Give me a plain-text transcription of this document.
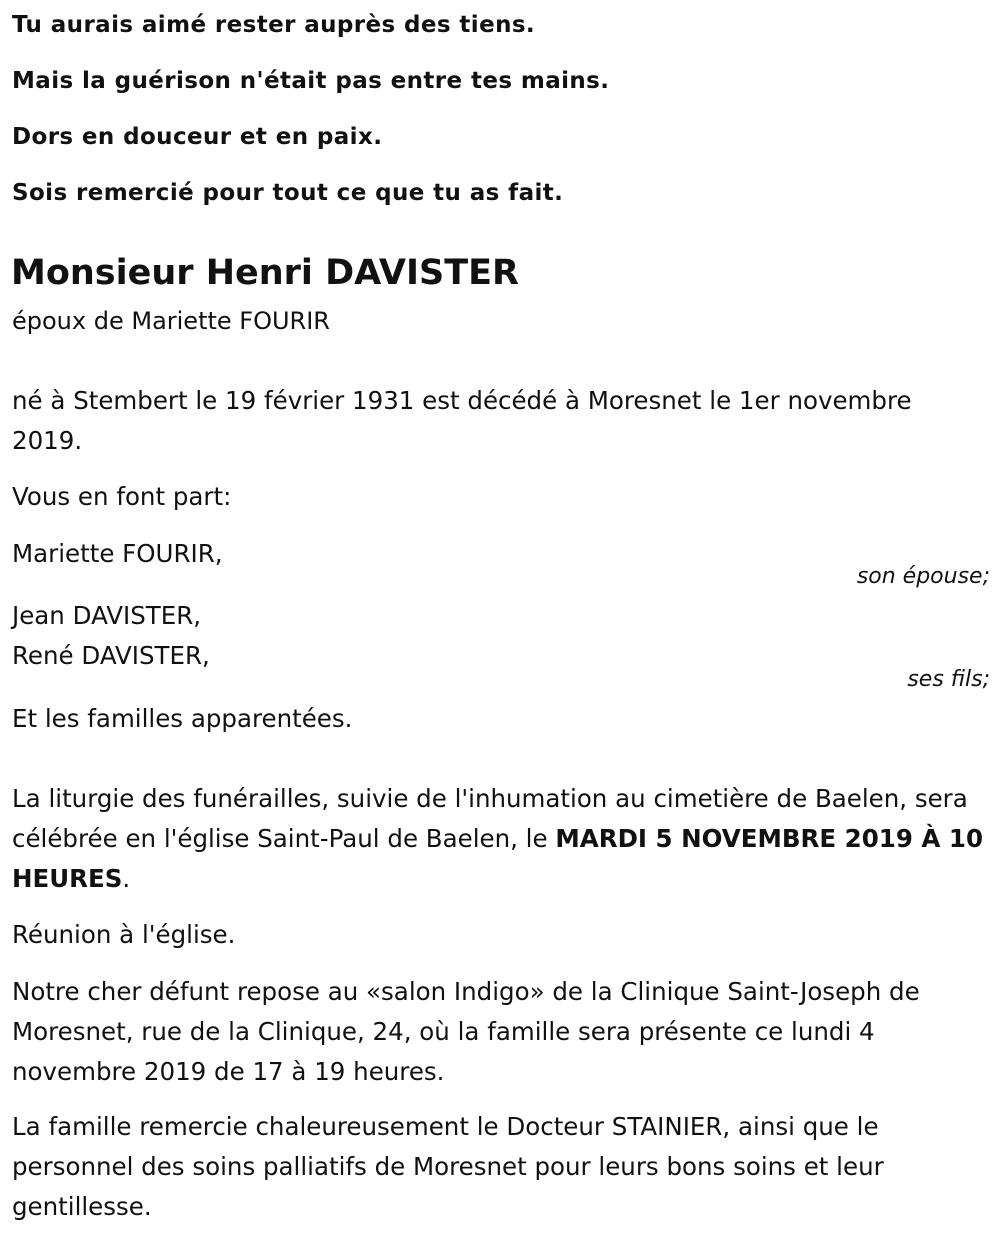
Tu aurais aimé rester auprès des tiens.

Mais la guérison n'était pas entre tes mains.

Dors en douceur et en paix.

Sois remercié pour tout ce que tu as fait.

Monsieur Henri DAVISTER
époux de Mariette FOURIR
né à Stembert le 19 février 1931 est décédé à Moresnet le 1er novembre 2019.
Vous en font part:
Mariette FOURIR,
son épouse;
Jean DAVISTER,
René DAVISTER,
ses fils;
Et les familles apparentées.
La liturgie des funérailles, suivie de l'inhumation au cimetière de Baelen, sera célébrée en l'église Saint-Paul de Baelen, le MARDI 5 NOVEMBRE 2019 À 10 HEURES.
Réunion à l'église.
Notre cher défunt repose au «salon Indigo» de la Clinique Saint-Joseph de Moresnet, rue de la Clinique, 24, où la famille sera présente ce lundi 4 novembre 2019 de 17 à 19 heures.
La famille remercie chaleureusement le Docteur STAINIER, ainsi que le personnel des soins palliatifs de Moresnet pour leurs bons soins et leur gentillesse.
